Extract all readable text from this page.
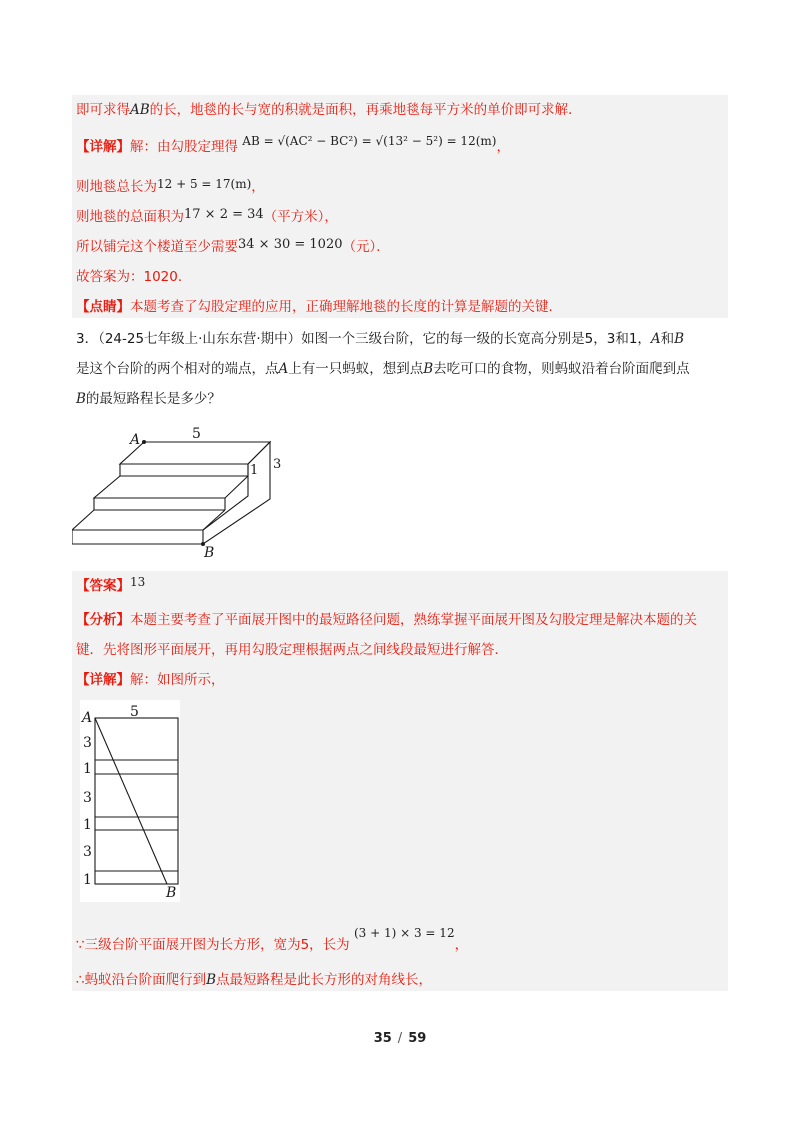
即可求得AB的长，地毯的长与宽的积就是面积，再乘地毯每平方米的单价即可求解．
【详解】解：由勾股定理得 AB = √(AC² − BC²) = √(13² − 5²) = 12(m)，
则地毯总长为12 + 5 = 17(m)，
则地毯的总面积为17 × 2 = 34（平方米），
所以铺完这个楼道至少需要34 × 30 = 1020（元）．
故答案为：1020．
【点睛】本题考查了勾股定理的应用，正确理解地毯的长度的计算是解题的关键．
3．（24-25七年级上·山东东营·期中）如图一个三级台阶，它的每一级的长宽高分别是5，3和1，A和B
是这个台阶的两个相对的端点，点A上有一只蚂蚁，想到点B去吃可口的食物，则蚂蚁沿着台阶面爬到点
B的最短路程长是多少？
A	5
1 3
B
【答案】13
【分析】本题主要考查了平面展开图中的最短路径问题，熟练掌握平面展开图及勾股定理是解决本题的关
键．先将图形平面展开，再用勾股定理根据两点之间线段最短进行解答．
【详解】解：如图所示，
A	5
3
1
3
1
3
1
B
∵三级台阶平面展开图为长方形，宽为5，长为 (3 + 1) × 3 = 12，
∴蚂蚁沿台阶面爬行到B点最短路程是此长方形的对角线长，
35 / 59
